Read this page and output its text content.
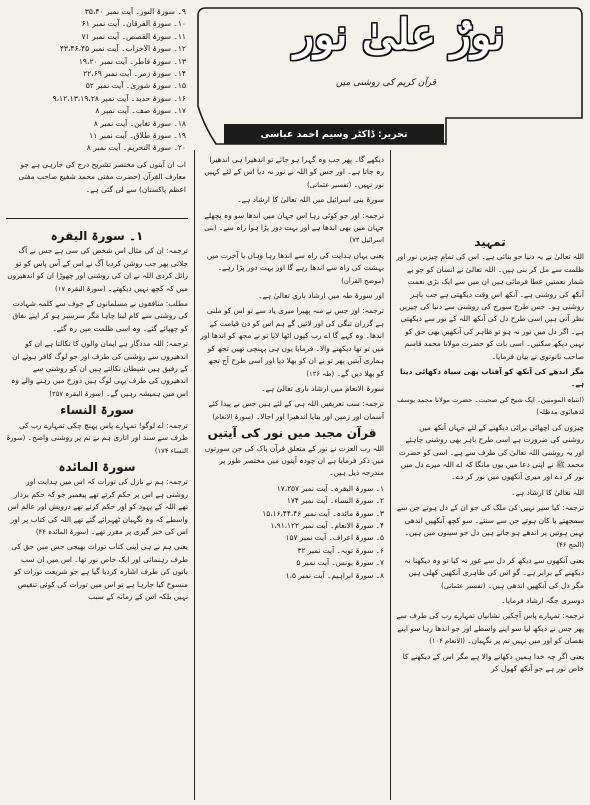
۹۔ سورۃ النور۔ آیت نمبر ۳۵،۴۰
۱۰۔ سورۃ الفرقان۔ آیت نمبر ۶۱
۱۱۔ سورۃ القصص۔ آیت نمبر ۷۱
۱۲۔ سورۃ الاحزاب۔ آیت نمبر ۴۳،۴۶،۴۵
۱۳۔ سورۃ فاطر۔ آیت نمبر ۱۹،۲۰
۱۴۔ سورۃ زمر۔ آیت نمبر ۲۲،۶۹
۱۵۔ سورۃ شوریٰ۔ آیت نمبر ۵۲
۱۶۔ سورۃ حدید۔ آیت نمبر ۹،۱۲،۱۳،۱۹،۲۸
۱۷۔ سورۃ صف۔ آیت نمبر ۸
۱۸۔ سورۃ تغابن۔ آیت نمبر ۸
۱۹۔ سورۃ طلاق۔ آیت نمبر ۱۱
۲۰۔ سورۃ التحریم۔ آیت نمبر ۸

اب ان آیتوں کی مختصر تشریح درج کی جارہی ہے جو معارف القرآن (حضرت مفتی محمد شفیع صاحب مفتی اعظم پاکستان) سے لی گئی ہے۔

نورٌ علیٰ نور
قرآن کریم کی روشنی میں
تحریر: ڈاکٹر وسیم احمد عباسی
۱۔ سورۃ البقرہ

ترجمہ: ان کی مثال اس شخص کی سی ہے جس نے آگ جلائی پھر جب روشن کردیا آگ نے اس کے آس پاس کو تو زائل کردی اللہ نے ان کی روشنی اور چھوڑا ان کو اندھیروں میں کہ کچھ نہیں دیکھتے۔ (سورۃ البقرہ ۱۷)

مطلب: منافقوں نے مسلمانوں کے خوف سے کلمہ شہادت کی روشنی سے کام لینا چاہا مگر سرسبز ہو کر اپنے نفاق کو چھپائے گئے۔ وہ اسی ظلمت میں رہ گئے۔

ترجمہ: اللہ مددگار ہے ایمان والوں کا نکالتا ہے ان کو اندھیروں سے روشنی کی طرف اور جو لوگ کافر ہوئے ان کے رفیق ہیں شیطان نکالتے ہیں ان کو روشنی سے اندھیروں کی طرف یہی لوگ ہیں دوزخ میں رہنے والے وہ اس میں ہمیشہ رہیں گے۔ (سورۃ البقرہ ۲۵۷)

سورۃ النساء

ترجمہ: اے لوگو! تمہارے پاس پہنچ چکی تمہارے رب کی طرف سے سند اور اتاری ہم نے تم پر روشنی واضح۔ (سورۃ النساء ۱۷۴)

سورۃ المائدہ

ترجمہ: ہم نے نازل کی تورات کہ اس میں ہدایت اور روشنی ہے اس پر حکم کرتے تھے پیغمبر جو کہ حکم بردار تھے اللہ کے یہود کو اور حکم کرتے تھے درویش اور عالم اس واسطے کہ وہ نگہبان ٹھہرائے گئے تھے اللہ کی کتاب پر اور اس کی خبر گیری پر مقرر تھے۔ (سورۃ المائدہ ۴۴)

یعنی ہم نے ہی اپنی کتاب تورات بھیجی جس میں حق کی طرف رہنمائی اور ایک خاص نور تھا۔ اس میں ان سب باتوں کی طرف اشارہ کردیا گیا ہے جو شریعت تورات کو منسوخ کیا جارہا ہے تو اس میں تورات کی کوئی تنقیص نہیں بلکہ اس کے زمانہ کے سبب

دیکھے گا۔ پھر جب وہ گہرا ہو جائے تو اندھیرا ہی اندھیرا رہ جاتا ہے۔ اور جس کو اللہ نے نور نہ دیا اس کے لئے کہیں نور نہیں۔ (تفسیر عثمانی)

سورۃ بنی اسرائیل میں اللہ تعالیٰ کا ارشاد ہے۔

ترجمہ: اور جو کوئی رہا اس جہان میں اندھا سو وہ پچھلے جہان میں بھی اندھا ہے اور بہت دور پڑا ہوا راہ سے۔ (بنی اسرائیل ۷۲)

یعنی یہاں ہدایت کی راہ سے اندھا رہا وہاں یا آخرت میں بہشت کی راہ سے اندھا رہے گا اور بہت دور پڑا رہے۔ (موضح القرآن)

اور سورۃ طہ میں ارشاد باری تعالیٰ ہے۔

ترجمہ: اور جس نے منہ پھیرا میری یاد سے تو اس کو ملنی ہے گزران تنگی کی اور لائیں گے ہم اس کو دن قیامت کے اندھا۔ وہ کہے گا اے رب کیوں اٹھا لایا تو نے مجھ کو اندھا اور میں تو تھا دیکھنے والا۔ فرمایا یوں ہی پہنچی تھیں تجھ کو ہماری آیتیں پھر تو نے ان کو بھلا دیا اور اسی طرح آج تجھ کو بھلا دیں گے۔ (طہ ۱۲۶)

سورۃ الانعام میں ارشاد باری تعالیٰ ہے۔

ترجمہ: سب تعریفیں اللہ ہی کے لئے ہیں جس نے پیدا کئے آسمان اور زمین اور بنایا اندھیرا اور اجالا۔ (سورۃ الانعام)

قرآن مجید میں نور کی آیتیں

اللہ رب العزت نے نور کے متعلق قرآن پاک کی جن سورتوں میں ذکر فرمایا ہے ان چودہ آیتوں میں مختصر طور پر مندرجہ ذیل ہیں۔

۱۔ سورۃ البقرہ۔ آیت نمبر ۱۷،۲۵۷
۲۔ سورۃ النساء۔ آیت نمبر ۱۷۴
۳۔ سورۃ مائدہ۔ آیت نمبر ۱۵،۱۶،۴۴،۴۶
۴۔ سورۃ الانعام۔ آیت نمبر ۱،۹۱،۱۲۲
۵۔ سورۃ اعراف۔ آیت نمبر ۱۵۷
۶۔ سورۃ توبہ۔ آیت نمبر ۳۲
۷۔ سورۃ یونس۔ آیت نمبر ۵
۸۔ سورۃ ابراہیم۔ آیت نمبر ۱،۵
تمہید

اللہ تعالیٰ نے یہ دنیا جو بنائی ہے۔ اس کی تمام چیزیں نور اور ظلمت سے مل کر بنی ہیں۔ اللہ تعالیٰ نے انسان کو جو بے شمار نعمتیں عطا فرمائی ہیں ان میں سے ایک بڑی نعمت آنکھ کی روشنی ہے۔ آنکھ اس وقت دیکھتی ہے جب باہر روشنی ہو۔ جس طرح سورج کی روشنی سے دنیا کی چیزیں نظر آتی ہیں اسی طرح دل کی آنکھ اللہ کے نور سے دیکھتی ہے۔ اگر دل میں نور نہ ہو تو ظاہر کی آنکھیں بھی حق کو نہیں دیکھ سکتیں۔ اسی بات کو حضرت مولانا محمد قاسم صاحب نانوتوی نے بیان فرمایا۔

مگر اندھے کی آنکھ کو آفتاب بھی سیاہ دکھائی دیتا ہے۔

(انتباہ المومنین۔ ایک شیخ کی صحبت۔ حضرت مولانا محمد یوسف لدھیانوی مدظلہ)

چیزوں کی اچھائی برائی دیکھنے کے لئے جہاں آنکھ میں روشنی کی ضرورت ہے اسی طرح باہر بھی روشنی چاہئے اور یہ روشنی اللہ تعالیٰ کی طرف سے ہے۔ اسی کو حضرت محمد ﷺ نے اپنی دعا میں یوں مانگا کہ اے اللہ میرے دل میں نور کر دے اور میری آنکھوں میں نور کر دے۔

اللہ تعالیٰ کا ارشاد ہے۔

ترجمہ: کیا سیر نہیں کی ملک کی جو ان کے دل ہوتے جن سے سمجھتے یا کان ہوتے جن سے سنتے۔ سو کچھ آنکھیں اندھی نہیں ہوتیں پر اندھے ہو جاتے ہیں دل جو سینوں میں ہیں۔ (الحج ۴۶)

یعنی آنکھوں سے دیکھ کر دل سے غور نہ کیا تو وہ دیکھنا نہ دیکھنے کے برابر ہے۔ گو اس کی ظاہری آنکھیں کھلی ہیں مگر دل کی آنکھیں اندھی ہیں۔ (تفسیر عثمانی)

دوسری جگہ ارشاد فرمایا۔

ترجمہ: تمہارے پاس آچکیں نشانیاں تمہارے رب کی طرف سے پھر جس نے دیکھ لیا سو اپنے واسطے اور جو اندھا رہا سو اپنے نقصان کو اور میں نہیں تم پر نگہبان۔ (الانعام ۱۰۴)

یعنی اگر چہ خدا ہمیں دکھانے والا ہے مگر اس کے دیکھنے کا خاص نور ہے جو آنکھ کھول کر
